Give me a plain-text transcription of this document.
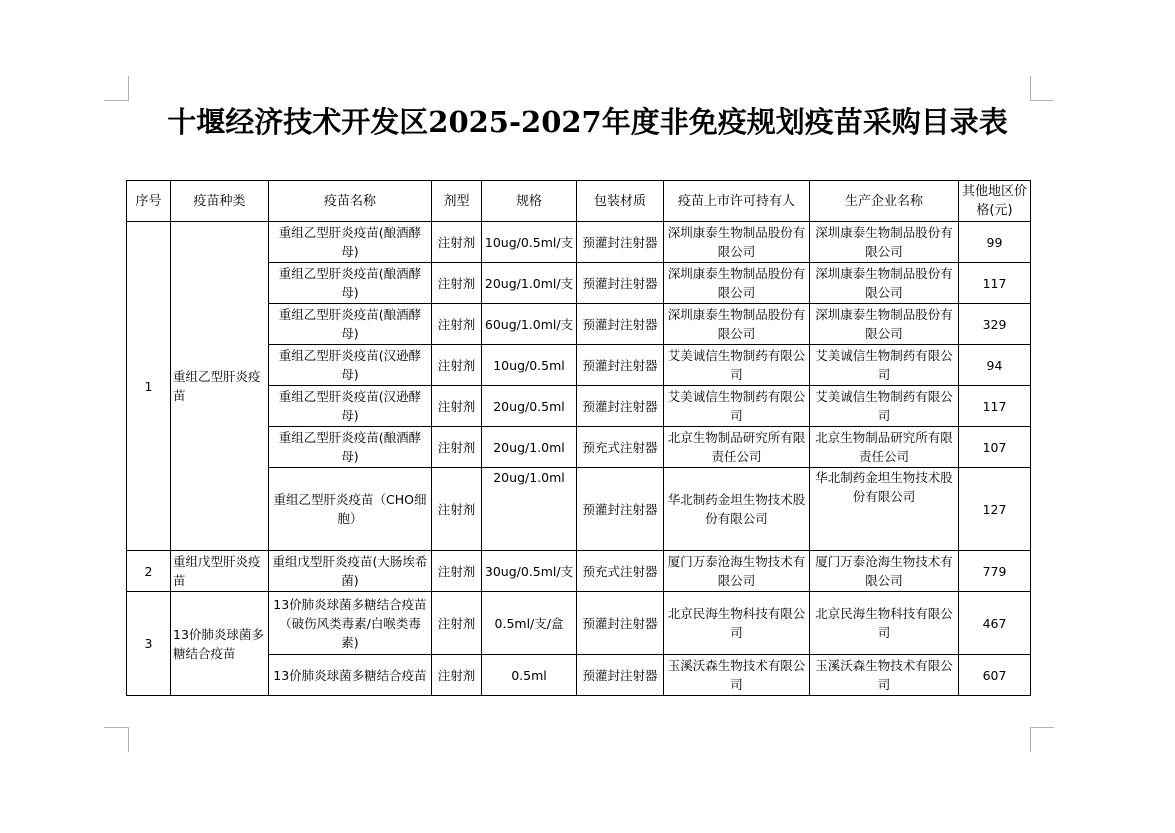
十堰经济技术开发区2025-2027年度非免疫规划疫苗采购目录表
序号	疫苗种类	疫苗名称	剂型	规格	包装材质	疫苗上市许可持有人	生产企业名称	其他地区价格(元)
1	重组乙型肝炎疫苗	重组乙型肝炎疫苗(酿酒酵母)	注射剂	10ug/0.5ml/支	预灌封注射器	深圳康泰生物制品股份有限公司	深圳康泰生物制品股份有限公司	99
		重组乙型肝炎疫苗(酿酒酵母)	注射剂	20ug/1.0ml/支	预灌封注射器	深圳康泰生物制品股份有限公司	深圳康泰生物制品股份有限公司	117
		重组乙型肝炎疫苗(酿酒酵母)	注射剂	60ug/1.0ml/支	预灌封注射器	深圳康泰生物制品股份有限公司	深圳康泰生物制品股份有限公司	329
		重组乙型肝炎疫苗(汉逊酵母)	注射剂	10ug/0.5ml	预灌封注射器	艾美诚信生物制药有限公司	艾美诚信生物制药有限公司	94
		重组乙型肝炎疫苗(汉逊酵母)	注射剂	20ug/0.5ml	预灌封注射器	艾美诚信生物制药有限公司	艾美诚信生物制药有限公司	117
		重组乙型肝炎疫苗(酿酒酵母)	注射剂	20ug/1.0ml	预充式注射器	北京生物制品研究所有限责任公司	北京生物制品研究所有限责任公司	107
		重组乙型肝炎疫苗（CHO细胞）	注射剂	20ug/1.0ml	预灌封注射器	华北制药金坦生物技术股份有限公司	华北制药金坦生物技术股份有限公司	127
2	重组戊型肝炎疫苗	重组戊型肝炎疫苗(大肠埃希菌)	注射剂	30ug/0.5ml/支	预充式注射器	厦门万泰沧海生物技术有限公司	厦门万泰沧海生物技术有限公司	779
3	13价肺炎球菌多糖结合疫苗	13价肺炎球菌多糖结合疫苗（破伤风类毒素/白喉类毒素)	注射剂	0.5ml/支/盒	预灌封注射器	北京民海生物科技有限公司	北京民海生物科技有限公司	467
		13价肺炎球菌多糖结合疫苗	注射剂	0.5ml	预灌封注射器	玉溪沃森生物技术有限公司	玉溪沃森生物技术有限公司	607
